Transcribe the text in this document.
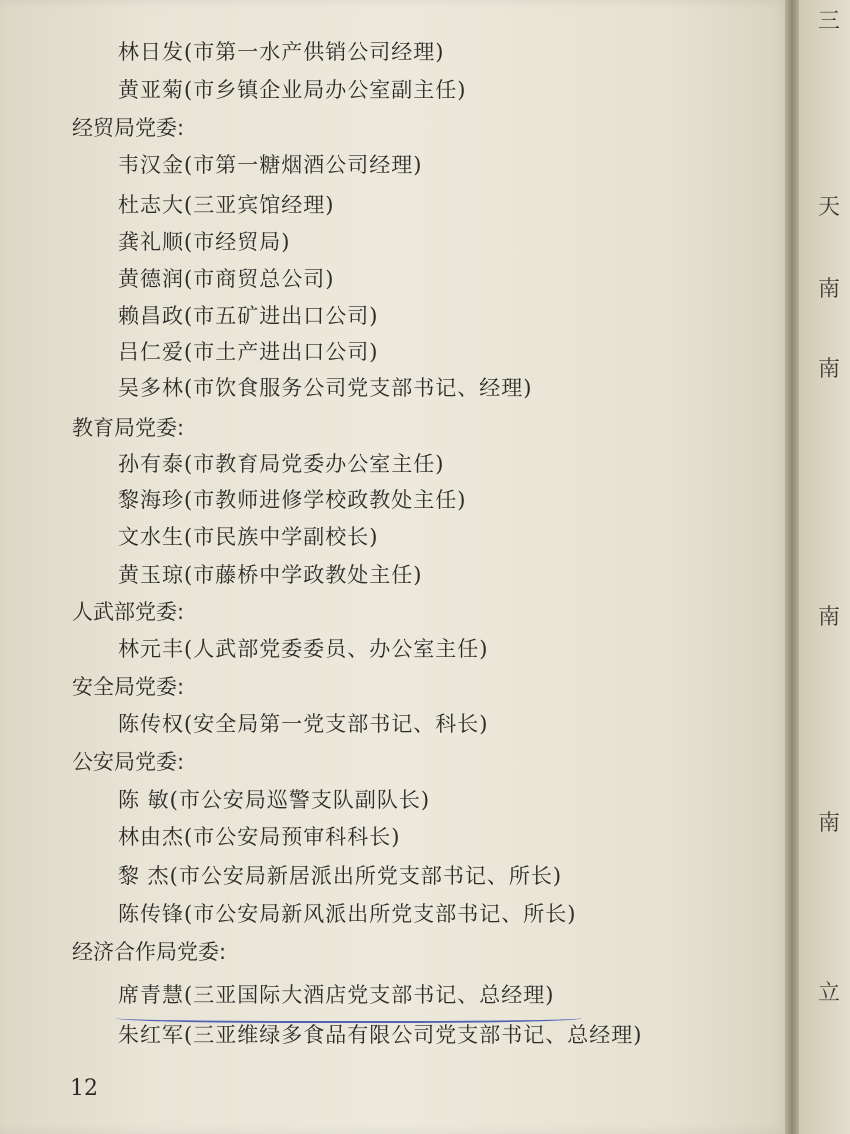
三
天
南
南
南
南
立
林日发(市第一水产供销公司经理)
黄亚菊(市乡镇企业局办公室副主任)
经贸局党委:
韦汉金(市第一糖烟酒公司经理)
杜志大(三亚宾馆经理)
龚礼顺(市经贸局)
黄德润(市商贸总公司)
赖昌政(市五矿进出口公司)
吕仁爱(市土产进出口公司)
吴多林(市饮食服务公司党支部书记、经理)
教育局党委:
孙有泰(市教育局党委办公室主任)
黎海珍(市教师进修学校政教处主任)
文水生(市民族中学副校长)
黄玉琼(市藤桥中学政教处主任)
人武部党委:
林元丰(人武部党委委员、办公室主任)
安全局党委:
陈传权(安全局第一党支部书记、科长)
公安局党委:
陈 敏(市公安局巡警支队副队长)
林由杰(市公安局预审科科长)
黎 杰(市公安局新居派出所党支部书记、所长)
陈传锋(市公安局新风派出所党支部书记、所长)
经济合作局党委:
席青慧(三亚国际大酒店党支部书记、总经理)
朱红军(三亚维绿多食品有限公司党支部书记、总经理)
12
